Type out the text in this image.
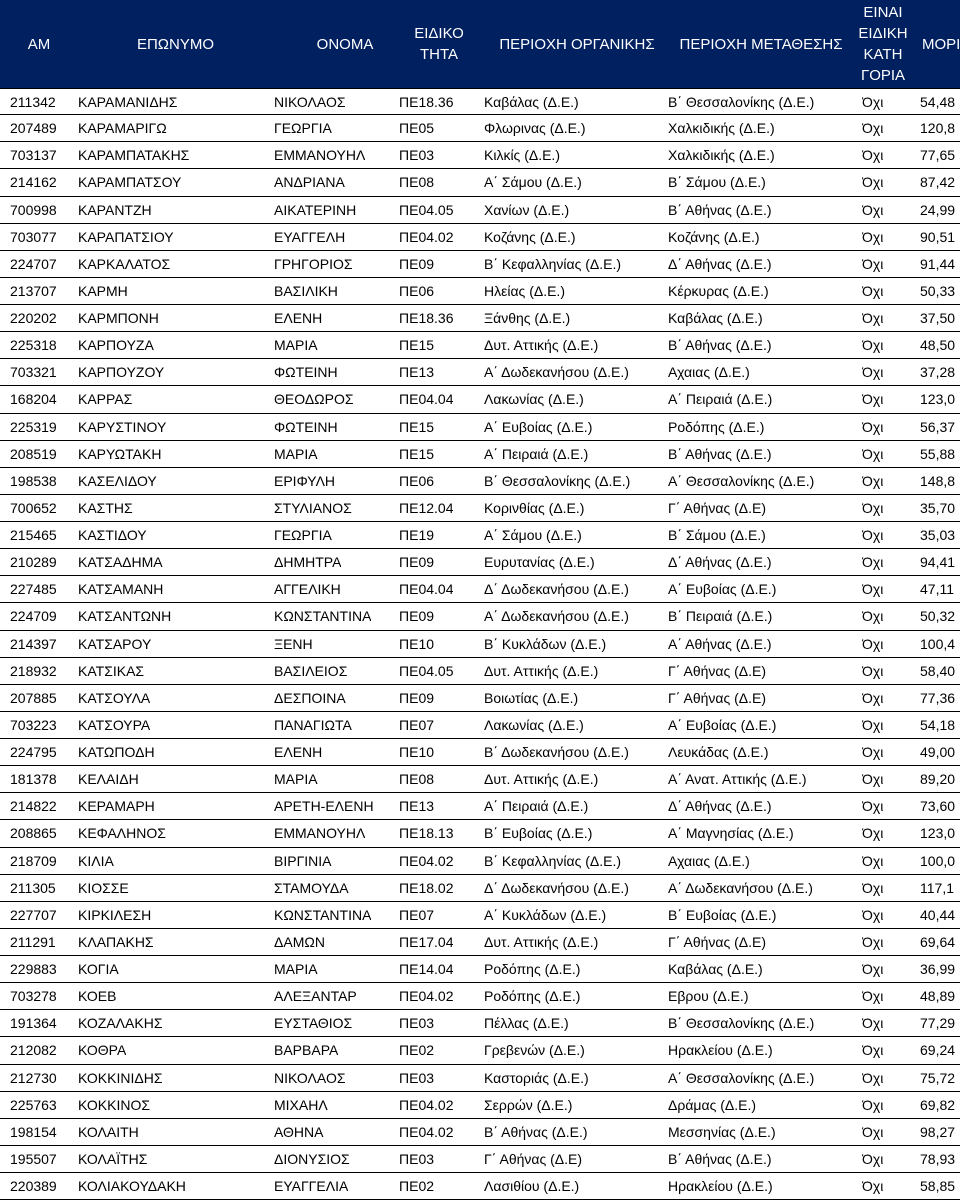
ΑΜ	ΕΠΩΝΥΜΟ	ΟΝΟΜΑ
ΕΙΔΙΚΟ
ΤΗΤΑ
ΠΕΡΙΟΧΗ ΟΡΓΑΝΙΚΗΣ	ΠΕΡΙΟΧΗ ΜΕΤΑΘΕΣΗΣ
ΕΙΝΑΙ
ΕΙΔΙΚΗ
ΚΑΤΗ
ΓΟΡΙΑ
ΜΟΡΙ
211342 ΚΑΡΑΜΑΝΙΔΗΣ	ΝΙΚΟΛΑΟΣ	ΠΕ18.36 Καβάλας (Δ.Ε.)	Β΄ Θεσσαλονίκης (Δ.Ε.)	Όχι	54,48
207489 ΚΑΡΑΜΑΡΙΓΩ	ΓΕΩΡΓΙΑ	ΠΕ05	Φλωρινας (Δ.Ε.)	Χαλκιδικής (Δ.Ε.)	Όχι	120,8
703137 ΚΑΡΑΜΠΑΤΑΚΗΣ	ΕΜΜΑΝΟΥΗΛ ΠΕ03	Κιλκίς (Δ.Ε.)	Χαλκιδικής (Δ.Ε.)	Όχι	77,65
214162 ΚΑΡΑΜΠΑΤΣΟΥ	ΑΝΔΡΙΑΝΑ	ΠΕ08	Α΄ Σάμου (Δ.Ε.)	Β΄ Σάμου (Δ.Ε.)	Όχι	87,42
700998 ΚΑΡΑΝΤΖΗ	ΑΙΚΑΤΕΡΙΝΗ	ΠΕ04.05 Χανίων (Δ.Ε.)	Β΄ Αθήνας (Δ.Ε.)	Όχι	24,99
703077 ΚΑΡΑΠΑΤΣΙΟΥ	ΕΥΑΓΓΕΛΗ	ΠΕ04.02 Κοζάνης (Δ.Ε.)	Κοζάνης (Δ.Ε.)	Όχι	90,51
224707 ΚΑΡΚΑΛΑΤΟΣ	ΓΡΗΓΟΡΙΟΣ	ΠΕ09	Β΄ Κεφαλληνίας (Δ.Ε.)	Δ΄ Αθήνας (Δ.Ε.)	Όχι	91,44
213707 ΚΑΡΜΗ	ΒΑΣΙΛΙΚΗ	ΠΕ06	Ηλείας (Δ.Ε.)	Κέρκυρας (Δ.Ε.)	Όχι	50,33
220202 ΚΑΡΜΠΟΝΗ	ΕΛΕΝΗ	ΠΕ18.36 Ξάνθης (Δ.Ε.)	Καβάλας (Δ.Ε.)	Όχι	37,50
225318 ΚΑΡΠΟΥΖΑ	ΜΑΡΙΑ	ΠΕ15	Δυτ. Αττικής (Δ.Ε.)	Β΄ Αθήνας (Δ.Ε.)	Όχι	48,50
703321 ΚΑΡΠΟΥΖΟΥ	ΦΩΤΕΙΝΗ	ΠΕ13	Α΄ Δωδεκανήσου (Δ.Ε.)	Αχαιας (Δ.Ε.)	Όχι	37,28
168204 ΚΑΡΡΑΣ	ΘΕΟΔΩΡΟΣ	ΠΕ04.04 Λακωνίας (Δ.Ε.)	Α΄ Πειραιά (Δ.Ε.)	Όχι	123,0
225319 ΚΑΡΥΣΤΙΝΟΥ	ΦΩΤΕΙΝΗ	ΠΕ15	Α΄ Ευβοίας (Δ.Ε.)	Ροδόπης (Δ.Ε.)	Όχι	56,37
208519 ΚΑΡΥΩΤΑΚΗ	ΜΑΡΙΑ	ΠΕ15	Α΄ Πειραιά (Δ.Ε.)	Β΄ Αθήνας (Δ.Ε.)	Όχι	55,88
198538 ΚΑΣΕΛΙΔΟΥ	ΕΡΙΦΥΛΗ	ΠΕ06	Β΄ Θεσσαλονίκης (Δ.Ε.)	Α΄ Θεσσαλονίκης (Δ.Ε.)	Όχι	148,8
700652 ΚΑΣΤΗΣ	ΣΤΥΛΙΑΝΟΣ	ΠΕ12.04 Κορινθίας (Δ.Ε.)	Γ΄ Αθήνας (Δ.Ε)	Όχι	35,70
215465 ΚΑΣΤΙΔΟΥ	ΓΕΩΡΓΙΑ	ΠΕ19	Α΄ Σάμου (Δ.Ε.)	Β΄ Σάμου (Δ.Ε.)	Όχι	35,03
210289 ΚΑΤΣΑΔΗΜΑ	ΔΗΜΗΤΡΑ	ΠΕ09	Ευρυτανίας (Δ.Ε.)	Δ΄ Αθήνας (Δ.Ε.)	Όχι	94,41
227485 ΚΑΤΣΑΜΑΝΗ	ΑΓΓΕΛΙΚΗ	ΠΕ04.04 Δ΄ Δωδεκανήσου (Δ.Ε.)	Α΄ Ευβοίας (Δ.Ε.)	Όχι	47,11
224709 ΚΑΤΣΑΝΤΩΝΗ	ΚΩΝΣΤΑΝΤΙΝΑ ΠΕ09	Α΄ Δωδεκανήσου (Δ.Ε.)	Β΄ Πειραιά (Δ.Ε.)	Όχι	50,32
214397 ΚΑΤΣΑΡΟΥ	ΞΕΝΗ	ΠΕ10	Β΄ Κυκλάδων (Δ.Ε.)	Α΄ Αθήνας (Δ.Ε.)	Όχι	100,4
218932 ΚΑΤΣΙΚΑΣ	ΒΑΣΙΛΕΙΟΣ	ΠΕ04.05 Δυτ. Αττικής (Δ.Ε.)	Γ΄ Αθήνας (Δ.Ε)	Όχι	58,40
207885 ΚΑΤΣΟΥΛΑ	ΔΕΣΠΟΙΝΑ	ΠΕ09	Βοιωτίας (Δ.Ε.)	Γ΄ Αθήνας (Δ.Ε)	Όχι	77,36
703223 ΚΑΤΣΟΥΡΑ	ΠΑΝΑΓΙΩΤΑ	ΠΕ07	Λακωνίας (Δ.Ε.)	Α΄ Ευβοίας (Δ.Ε.)	Όχι	54,18
224795 ΚΑΤΩΠΟΔΗ	ΕΛΕΝΗ	ΠΕ10	Β΄ Δωδεκανήσου (Δ.Ε.)	Λευκάδας (Δ.Ε.)	Όχι	49,00
181378 ΚΕΛΑΙΔΗ	ΜΑΡΙΑ	ΠΕ08	Δυτ. Αττικής (Δ.Ε.)	Α΄ Ανατ. Αττικής (Δ.Ε.)	Όχι	89,20
214822 ΚΕΡΑΜΑΡΗ	ΑΡΕΤΗ-ΕΛΕΝΗ ΠΕ13	Α΄ Πειραιά (Δ.Ε.)	Δ΄ Αθήνας (Δ.Ε.)	Όχι	73,60
208865 ΚΕΦΑΛΗΝΟΣ	ΕΜΜΑΝΟΥΗΛ ΠΕ18.13 Β΄ Ευβοίας (Δ.Ε.)	Α΄ Μαγνησίας (Δ.Ε.)	Όχι	123,0
218709 ΚΙΛΙΑ	ΒΙΡΓΙΝΙΑ	ΠΕ04.02 Β΄ Κεφαλληνίας (Δ.Ε.)	Αχαιας (Δ.Ε.)	Όχι	100,0
211305 ΚΙΟΣΣΕ	ΣΤΑΜΟΥΔΑ	ΠΕ18.02 Δ΄ Δωδεκανήσου (Δ.Ε.)	Α΄ Δωδεκανήσου (Δ.Ε.)	Όχι	117,1
227707 ΚΙΡΚΙΛΕΣΗ	ΚΩΝΣΤΑΝΤΙΝΑ ΠΕ07	Α΄ Κυκλάδων (Δ.Ε.)	Β΄ Ευβοίας (Δ.Ε.)	Όχι	40,44
211291 ΚΛΑΠΑΚΗΣ	ΔΑΜΩΝ	ΠΕ17.04 Δυτ. Αττικής (Δ.Ε.)	Γ΄ Αθήνας (Δ.Ε)	Όχι	69,64
229883 ΚΟΓΙΑ	ΜΑΡΙΑ	ΠΕ14.04 Ροδόπης (Δ.Ε.)	Καβάλας (Δ.Ε.)	Όχι	36,99
703278 ΚΟΕΒ	ΑΛΕΞΑΝΤΑΡ	ΠΕ04.02 Ροδόπης (Δ.Ε.)	Εβρου (Δ.Ε.)	Όχι	48,89
191364 ΚΟΖΑΛΑΚΗΣ	ΕΥΣΤΑΘΙΟΣ	ΠΕ03	Πέλλας (Δ.Ε.)	Β΄ Θεσσαλονίκης (Δ.Ε.)	Όχι	77,29
212082 ΚΟΘΡΑ	ΒΑΡΒΑΡΑ	ΠΕ02	Γρεβενών (Δ.Ε.)	Ηρακλείου (Δ.Ε.)	Όχι	69,24
212730 ΚΟΚΚΙΝΙΔΗΣ	ΝΙΚΟΛΑΟΣ	ΠΕ03	Καστοριάς (Δ.Ε.)	Α΄ Θεσσαλονίκης (Δ.Ε.)	Όχι	75,72
225763 ΚΟΚΚΙΝΟΣ	ΜΙΧΑΗΛ	ΠΕ04.02 Σερρών (Δ.Ε.)	Δράμας (Δ.Ε.)	Όχι	69,82
198154 ΚΟΛΑΙΤΗ	ΑΘΗΝΑ	ΠΕ04.02 Β΄ Αθήνας (Δ.Ε.)	Μεσσηνίας (Δ.Ε.)	Όχι	98,27
195507 ΚΟΛΑΪΤΗΣ	ΔΙΟΝΥΣΙΟΣ	ΠΕ03	Γ΄ Αθήνας (Δ.Ε)	Β΄ Αθήνας (Δ.Ε.)	Όχι	78,93
220389 ΚΟΛΙΑΚΟΥΔΑΚΗ	ΕΥΑΓΓΕΛΙΑ	ΠΕ02	Λασιθίου (Δ.Ε.)	Ηρακλείου (Δ.Ε.)	Όχι	58,85
